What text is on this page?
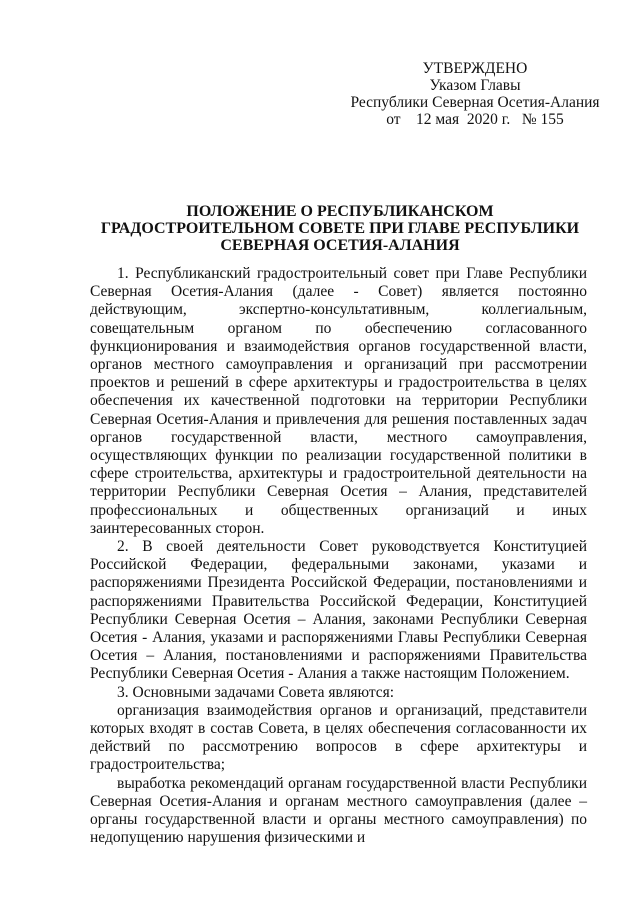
УТВЕРЖДЕНО
Указом Главы
Республики Северная Осетия-Алания
от    12 мая  2020 г.   № 155
ПОЛОЖЕНИЕ О РЕСПУБЛИКАНСКОМ ГРАДОСТРОИТЕЛЬНОМ СОВЕТЕ ПРИ ГЛАВЕ РЕСПУБЛИКИ СЕВЕРНАЯ ОСЕТИЯ-АЛАНИЯ

1. Республиканский градостроительный совет при Главе Республики Северная Осетия-Алания (далее - Совет) является постоянно действующим, экспертно-консультативным, коллегиальным, совещательным органом по обеспечению согласованного функционирования и взаимодействия органов государственной власти, органов местного самоуправления и организаций при рассмотрении проектов и решений в сфере архитектуры и градостроительства в целях обеспечения их качественной подготовки на территории Республики Северная Осетия-Алания и привлечения для решения поставленных задач органов государственной власти, местного самоуправления, осуществляющих функции по реализации государственной политики в сфере строительства, архитектуры и градостроительной деятельности на территории Республики Северная Осетия – Алания, представителей профессиональных и общественных организаций и иных заинтересованных сторон.

2. В своей деятельности Совет руководствуется Конституцией Российской Федерации, федеральными законами, указами и распоряжениями Президента Российской Федерации, постановлениями и распоряжениями Правительства Российской Федерации, Конституцией Республики Северная Осетия – Алания, законами Республики Северная Осетия - Алания, указами и распоряжениями Главы Республики Северная Осетия – Алания, постановлениями и распоряжениями Правительства Республики Северная Осетия - Алания а также настоящим Положением.

3. Основными задачами Совета являются:

организация взаимодействия органов и организаций, представители которых входят в состав Совета, в целях обеспечения согласованности их действий по рассмотрению вопросов в сфере архитектуры и градостроительства;

выработка рекомендаций органам государственной власти Республики Северная Осетия-Алания и органам местного самоуправления (далее – органы государственной власти и органы местного самоуправления) по недопущению нарушения физическими и
